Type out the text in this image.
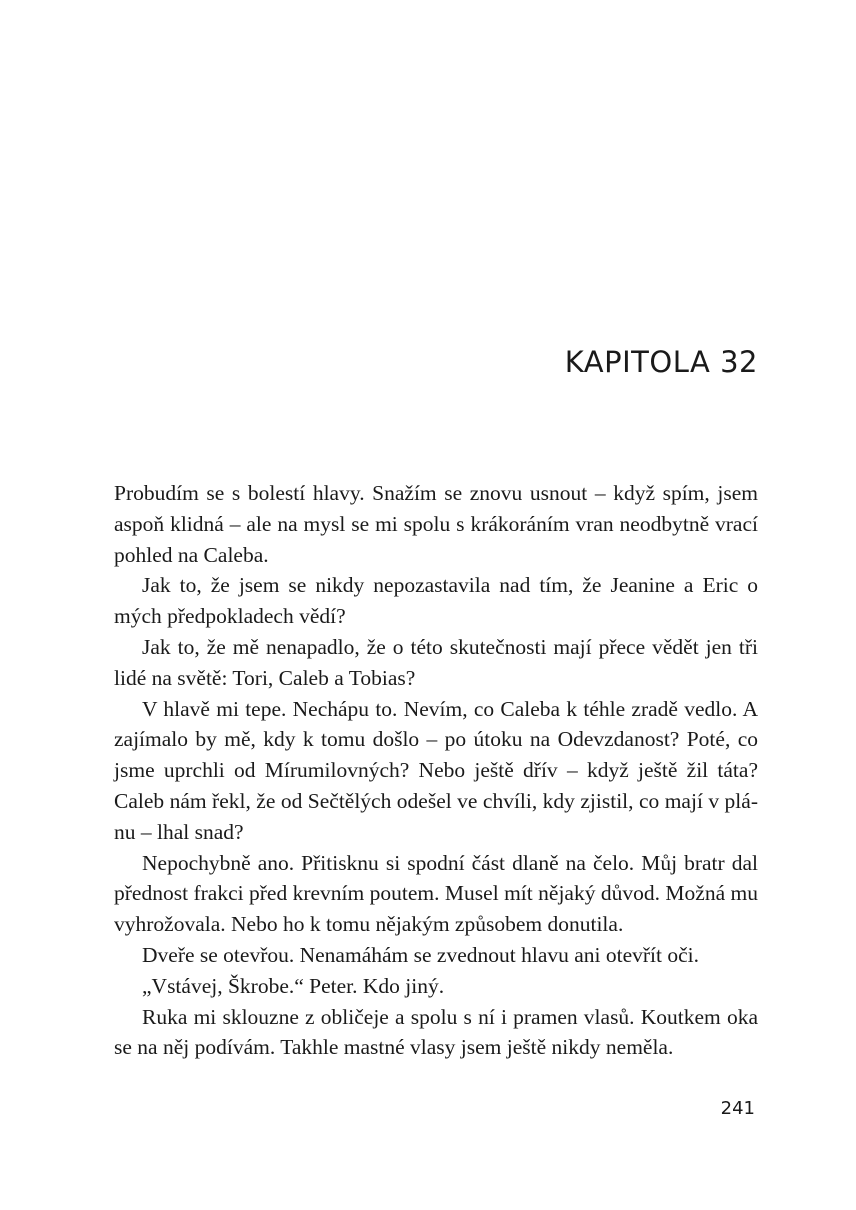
KAPITOLA 32

Probudím se s bolestí hlavy. Snažím se znovu usnout – když spím, jsem aspoň klidná – ale na mysl se mi spolu s krákoráním vran neodbytně vrací pohled na Caleba.

Jak to, že jsem se nikdy nepozastavila nad tím, že Jeanine a Eric o mých předpokladech vědí?

Jak to, že mě nenapadlo, že o této skutečnosti mají přece vědět jen tři lidé na světě: Tori, Caleb a Tobias?

V hlavě mi tepe. Nechápu to. Nevím, co Caleba k téhle zradě vedlo. A zajímalo by mě, kdy k tomu došlo – po útoku na Odevzdanost? Poté, co jsme uprchli od Mírumilovných? Nebo ještě dřív – když ještě žil táta? Caleb nám řekl, že od Sečtělých odešel ve chvíli, kdy zjistil, co mají v plánu – lhal snad?

Nepochybně ano. Přitisknu si spodní část dlaně na čelo. Můj bratr dal přednost frakci před krevním poutem. Musel mít nějaký důvod. Možná mu vyhrožovala. Nebo ho k tomu nějakým způsobem donutila.

Dveře se otevřou. Nenamáhám se zvednout hlavu ani otevřít oči.

„Vstávej, Škrobe.“ Peter. Kdo jiný.

Ruka mi sklouzne z obličeje a spolu s ní i pramen vlasů. Koutkem oka se na něj podívám. Takhle mastné vlasy jsem ještě nikdy neměla.

241
